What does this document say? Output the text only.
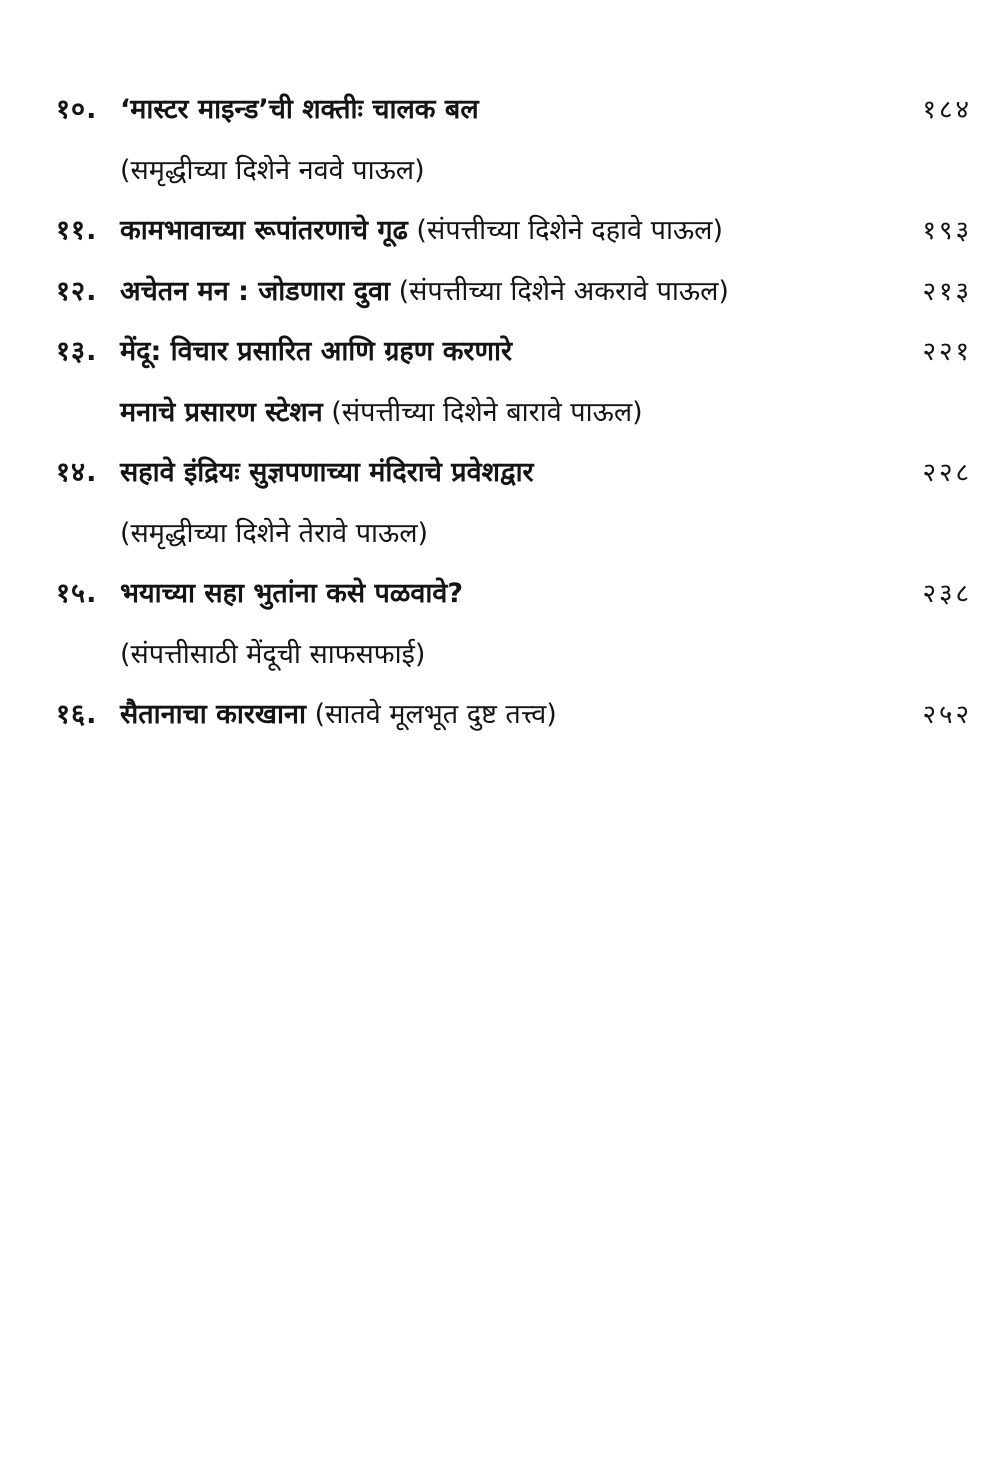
१०. ‘मास्टर माइन्ड’ची शक्तीः चालक बल	१८४
(समृद्धीच्या दिशेने नववे पाऊल)
११. कामभावाच्या रूपांतरणाचे गूढ (संपत्तीच्या दिशेने दहावे पाऊल)	१९३
१२. अचेतन मन : जोडणारा दुवा (संपत्तीच्या दिशेने अकरावे पाऊल)	२१३
१३. मेंदू: विचार प्रसारित आणि ग्रहण करणारे	२२१
मनाचे प्रसारण स्टेशन (संपत्तीच्या दिशेने बारावे पाऊल)
१४. सहावे इंद्रियः सुज्ञपणाच्या मंदिराचे प्रवेशद्वार	२२८
(समृद्धीच्या दिशेने तेरावे पाऊल)
१५. भयाच्या सहा भुतांना कसे पळवावे?	२३८
(संपत्तीसाठी मेंदूची साफसफाई)
१६. सैतानाचा कारखाना (सातवे मूलभूत दुष्ट तत्त्व)	२५२
